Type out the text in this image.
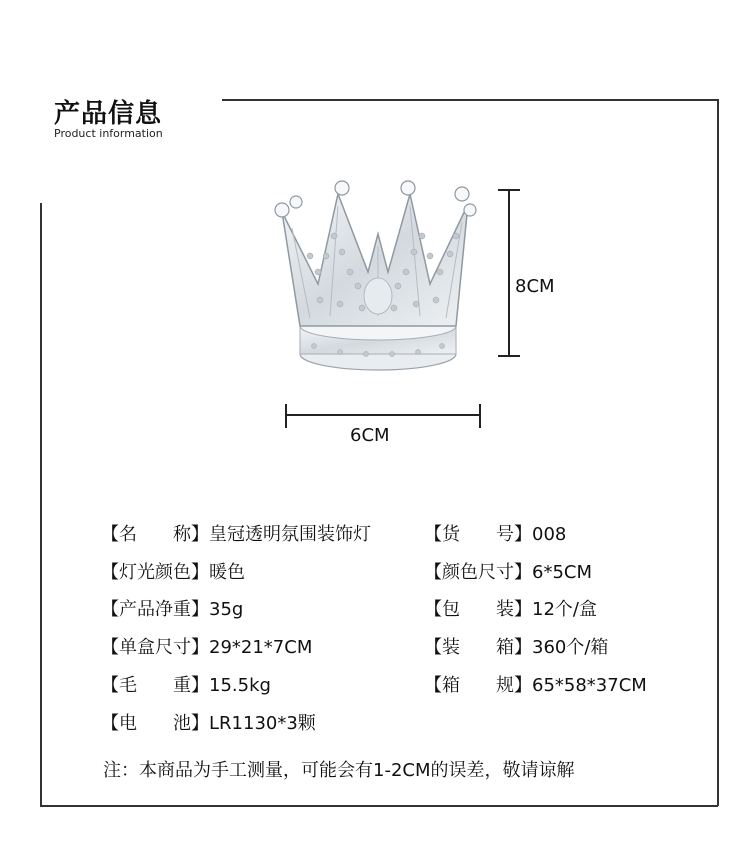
产品信息
Product information
8CM
6CM
【名　　称】皇冠透明氛围装饰灯
【灯光颜色】暖色
【产品净重】35g
【单盒尺寸】29*21*7CM
【毛　　重】15.5kg
【电　　池】LR1130*3颗
【货　　号】008
【颜色尺寸】6*5CM
【包　　装】12个/盒
【装　　箱】360个/箱
【箱　　规】65*58*37CM
注：本商品为手工测量，可能会有1-2CM的误差，敬请谅解
